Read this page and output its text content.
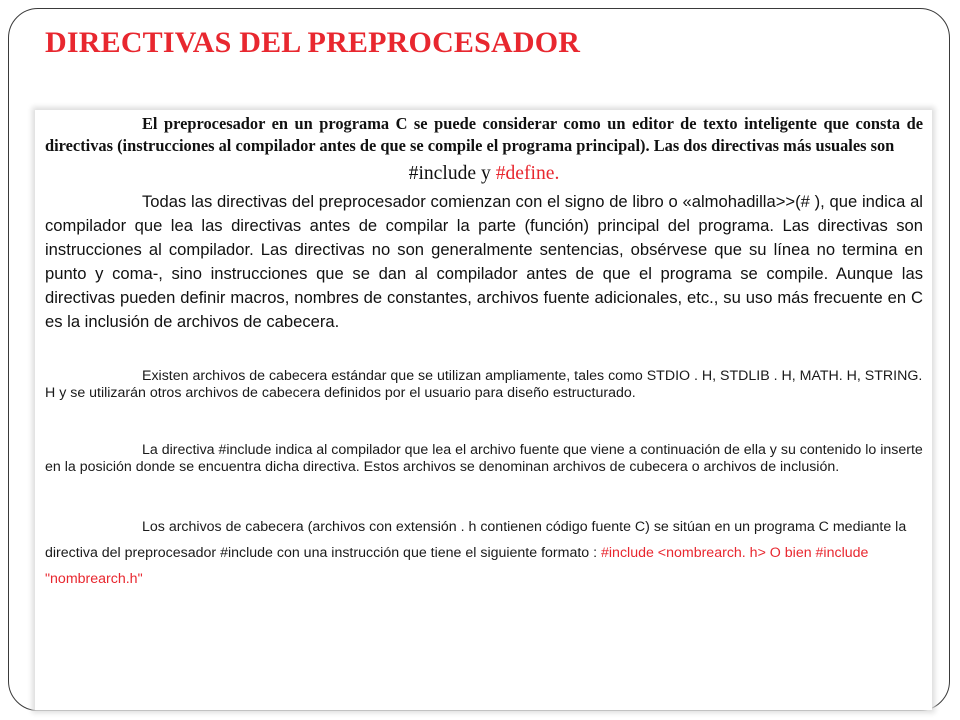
DIRECTIVAS DEL PREPROCESADOR

El preprocesador en un programa C se puede considerar como un editor de texto inteligente que consta de directivas (instrucciones al compilador antes de que se compile el programa principal). Las dos directivas más usuales son

#include y #define.

Todas las directivas del preprocesador comienzan con el signo de libro o «almohadilla>>(# ), que indica al compilador que lea las directivas antes de compilar la parte (función) principal del programa. Las directivas son instrucciones al compilador. Las directivas no son generalmente sentencias, obsérvese que su línea no termina en punto y coma-, sino instrucciones que se dan al compilador antes de que el programa se compile. Aunque las directivas pueden definir macros, nombres de constantes, archivos fuente adicionales, etc., su uso más frecuente en C es la inclusión de archivos de cabecera.

Existen archivos de cabecera estándar que se utilizan ampliamente, tales como STDIO . H, STDLIB . H, MATH. H, STRING. H y se utilizarán otros archivos de cabecera definidos por el usuario para diseño estructurado.

La directiva #include indica al compilador que lea el archivo fuente que viene a continuación de ella y su contenido lo inserte en la posición donde se encuentra dicha directiva. Estos archivos se denominan archivos de cubecera o archivos de inclusión.

Los archivos de cabecera (archivos con extensión . h contienen código fuente C) se sitúan en un programa C mediante la directiva del preprocesador #include con una instrucción que tiene el siguiente formato : #include <nombrearch. h> O bien #include "nombrearch.h"
